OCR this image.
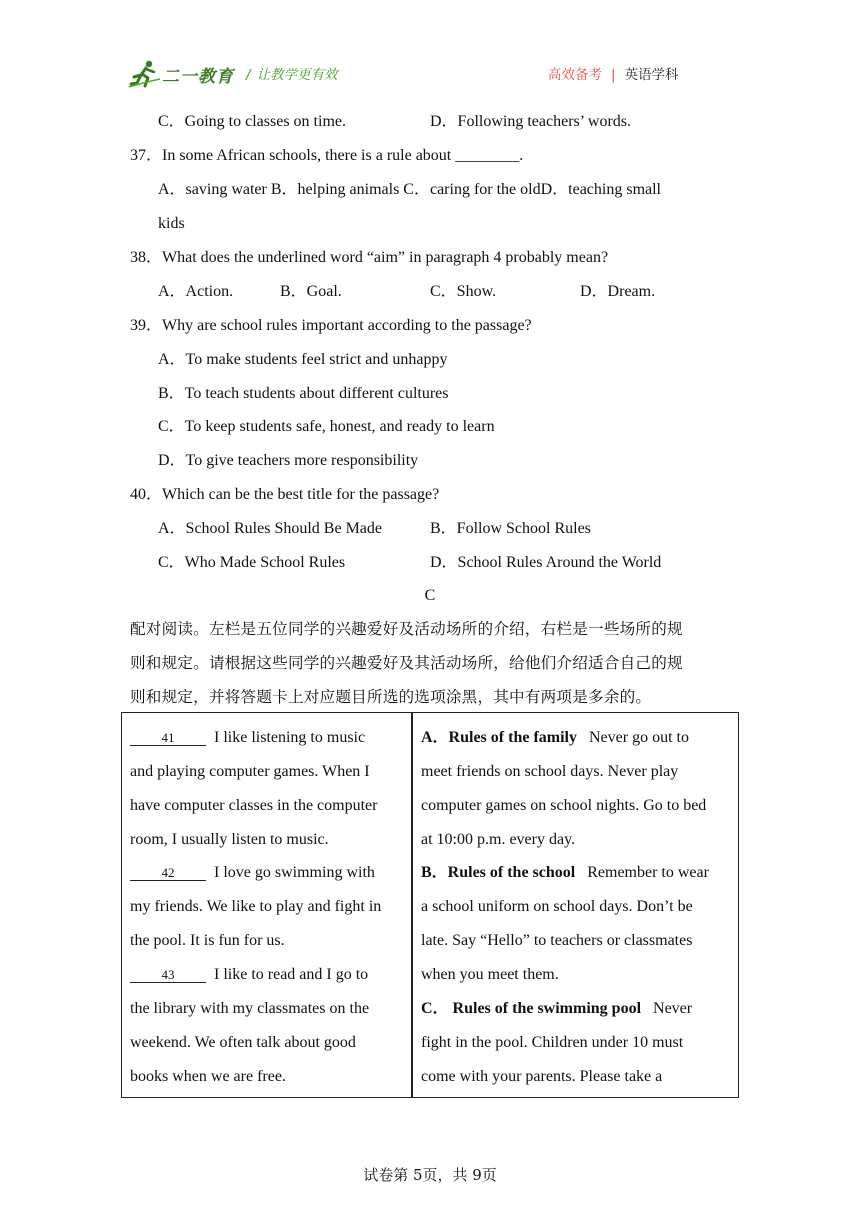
二一教育 / 让教学更有效	高效备考 | 英语学科
C．Going to classes on time.	D．Following teachers’ words.
37．In some African schools, there is a rule about ________.
A．saving water B．helping animals C．caring for the oldD．teaching small
kids
38．What does the underlined word “aim” in paragraph 4 probably mean?
A．Action.	B．Goal.	C．Show.	D．Dream.
39．Why are school rules important according to the passage?
A．To make students feel strict and unhappy
B．To teach students about different cultures
C．To keep students safe, honest, and ready to learn
D．To give teachers more responsibility
40．Which can be the best title for the passage?
A．School Rules Should Be Made	B．Follow School Rules
C．Who Made School Rules	D．School Rules Around the World
C
配对阅读。左栏是五位同学的兴趣爱好及活动场所的介绍，右栏是一些场所的规
则和规定。请根据这些同学的兴趣爱好及其活动场所，给他们介绍适合自己的规
则和规定，并将答题卡上对应题目所选的选项涂黑，其中有两项是多余的。
41 I like listening to music
and playing computer games. When I
have computer classes in the computer
room, I usually listen to music.
42 I love go swimming with
my friends. We like to play and fight in
the pool. It is fun for us.
43 I like to read and I go to
the library with my classmates on the
weekend. We often talk about good
books when we are free.
A．Rules of the family Never go out to
meet friends on school days. Never play
computer games on school nights. Go to bed
at 10:00 p.m. every day.
B．Rules of the school Remember to wear
a school uniform on school days. Don’t be
late. Say “Hello” to teachers or classmates
when you meet them.
C． Rules of the swimming pool Never
fight in the pool. Children under 10 must
come with your parents. Please take a
试卷第 5页，共 9页
